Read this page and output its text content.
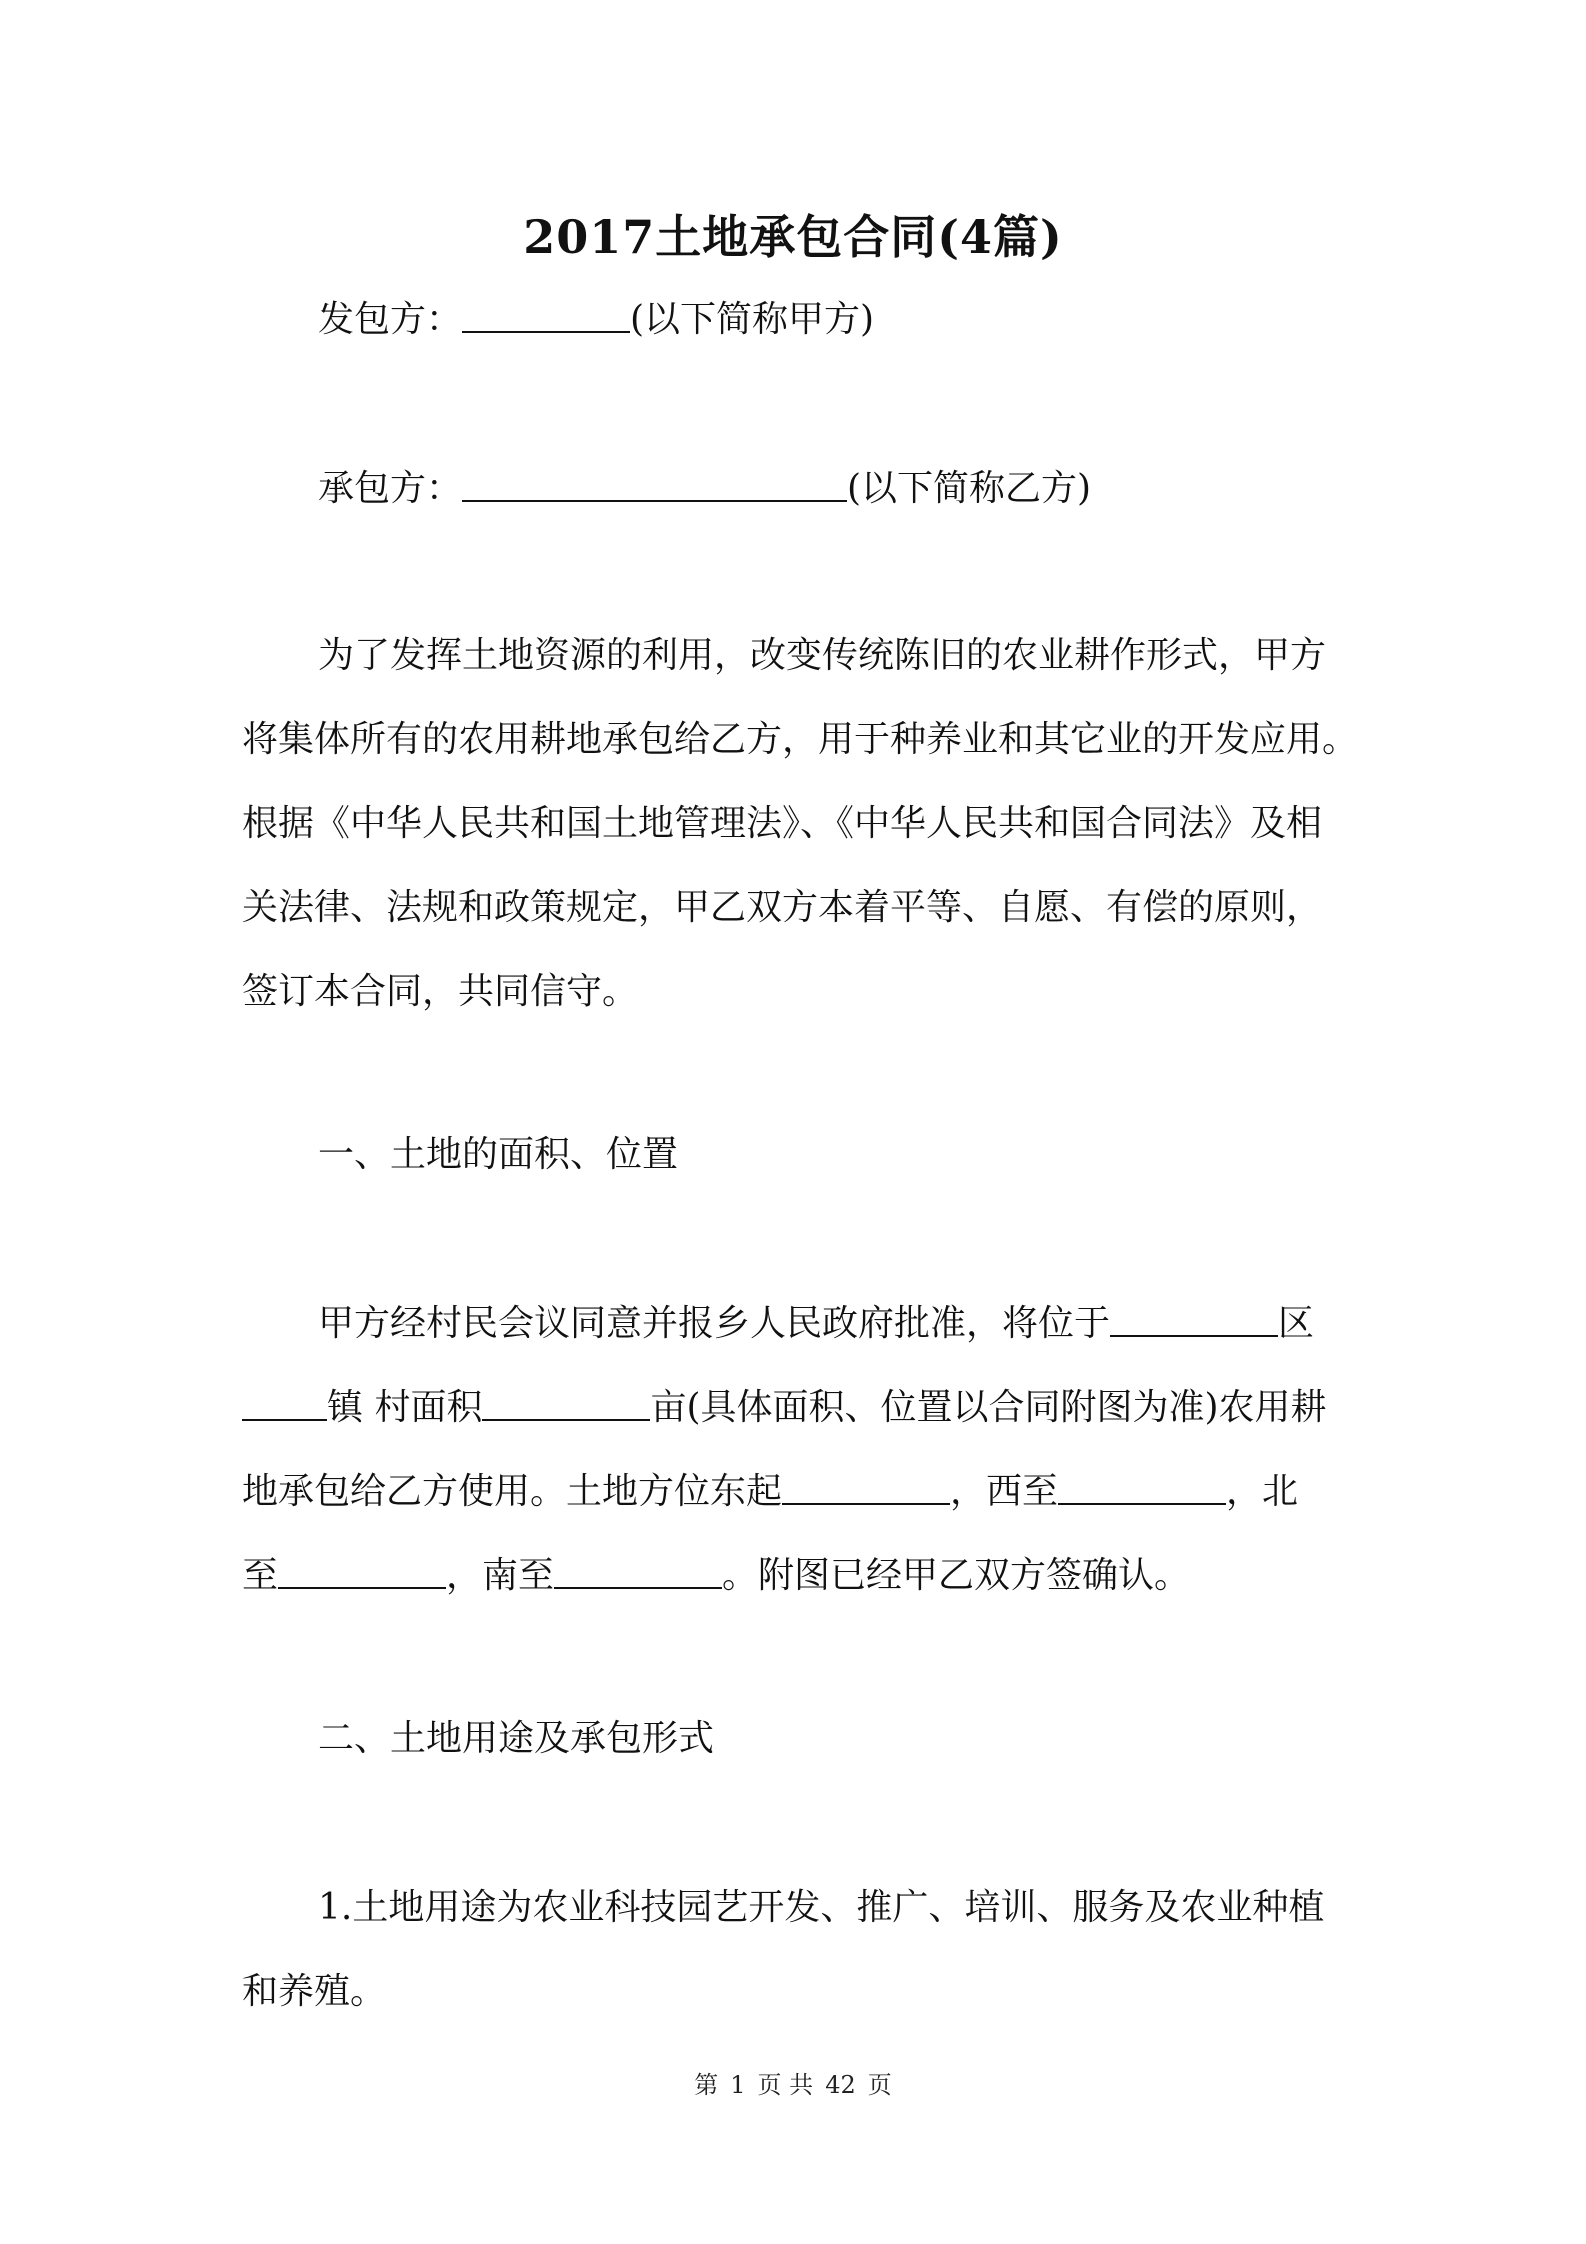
2017土地承包合同(4篇)
发包方：	(以下简称甲方)
承包方：	(以下简称乙方)
为了发挥土地资源的利用，改变传统陈旧的农业耕作形式，甲方
将集体所有的农用耕地承包给乙方，用于种养业和其它业的开发应用。
根据《中华人民共和国土地管理法》、《中华人民共和国合同法》及相
关法律、法规和政策规定，甲乙双方本着平等、自愿、有偿的原则，
签订本合同，共同信守。
一、土地的面积、位置
甲方经村民会议同意并报乡人民政府批准，将位于	区
镇 村面积	亩(具体面积、位置以合同附图为准)农用耕
地承包给乙方使用。土地方位东起	，西至	，北
至	，南至	。附图已经甲乙双方签确认。
二、土地用途及承包形式
1.土地用途为农业科技园艺开发、推广、培训、服务及农业种植
和养殖。
第 1 页 共 42 页
